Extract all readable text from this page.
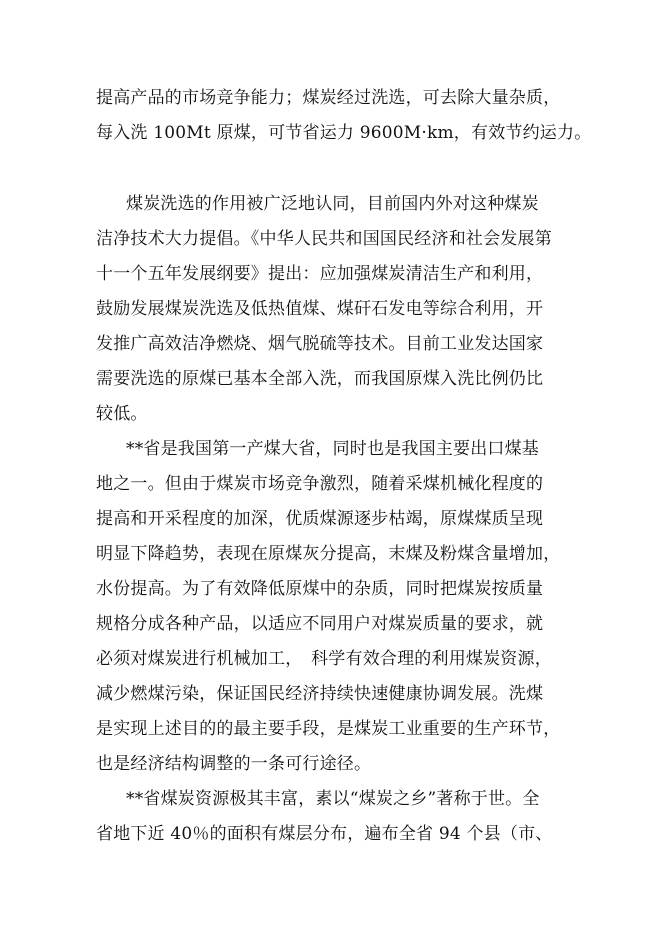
提高产品的市场竞争能力；煤炭经过洗选，可去除大量杂质，
每入洗 100Mt 原煤，可节省运力 9600M·km，有效节约运力。
煤炭洗选的作用被广泛地认同，目前国内外对这种煤炭
洁净技术大力提倡。《中华人民共和国国民经济和社会发展第
十一个五年发展纲要》提出：应加强煤炭清洁生产和利用，
鼓励发展煤炭洗选及低热值煤、煤矸石发电等综合利用，开
发推广高效洁净燃烧、烟气脱硫等技术。目前工业发达国家
需要洗选的原煤已基本全部入洗，而我国原煤入洗比例仍比
较低。
**省是我国第一产煤大省，同时也是我国主要出口煤基
地之一。但由于煤炭市场竞争激烈，随着采煤机械化程度的
提高和开采程度的加深，优质煤源逐步枯竭，原煤煤质呈现
明显下降趋势，表现在原煤灰分提高，末煤及粉煤含量增加，
水份提高。为了有效降低原煤中的杂质，同时把煤炭按质量
规格分成各种产品，以适应不同用户对煤炭质量的要求，就
必须对煤炭进行机械加工，　科学有效合理的利用煤炭资源，
减少燃煤污染，保证国民经济持续快速健康协调发展。洗煤
是实现上述目的的最主要手段，是煤炭工业重要的生产环节，
也是经济结构调整的一条可行途径。
**省煤炭资源极其丰富，素以“煤炭之乡”著称于世。全
省地下近 40％的面积有煤层分布，遍布全省 94 个县（市、
